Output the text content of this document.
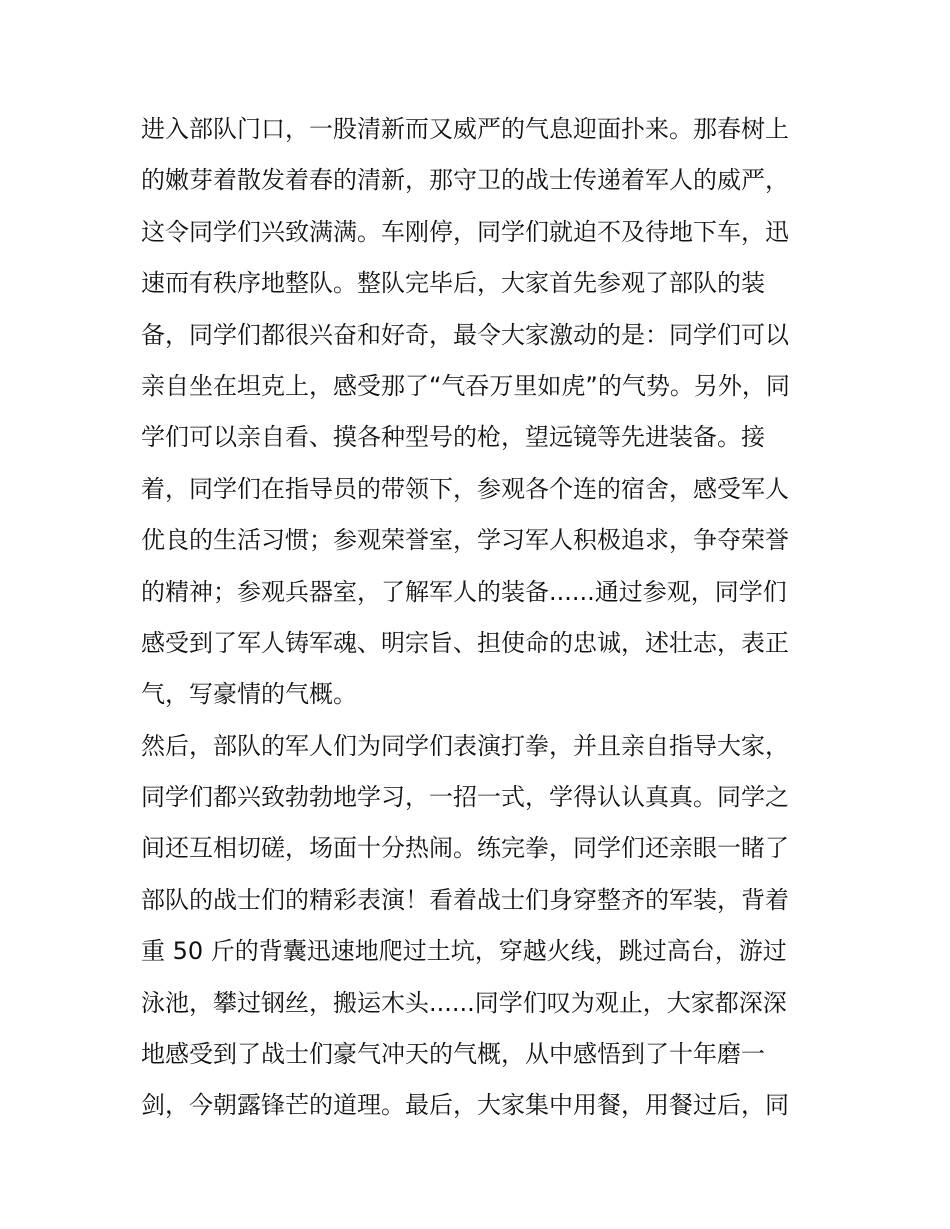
进入部队门口，一股清新而又威严的气息迎面扑来。那春树上
的嫩芽着散发着春的清新，那守卫的战士传递着军人的威严，
这令同学们兴致满满。车刚停，同学们就迫不及待地下车，迅
速而有秩序地整队。整队完毕后，大家首先参观了部队的装
备，同学们都很兴奋和好奇，最令大家激动的是：同学们可以
亲自坐在坦克上，感受那了“气吞万里如虎”的气势。另外，同
学们可以亲自看、摸各种型号的枪，望远镜等先进装备。接
着，同学们在指导员的带领下，参观各个连的宿舍，感受军人
优良的生活习惯；参观荣誉室，学习军人积极追求，争夺荣誉
的精神；参观兵器室，了解军人的装备......通过参观，同学们
感受到了军人铸军魂、明宗旨、担使命的忠诚，述壮志，表正
气，写豪情的气概。
然后，部队的军人们为同学们表演打拳，并且亲自指导大家，
同学们都兴致勃勃地学习，一招一式，学得认认真真。同学之
间还互相切磋，场面十分热闹。练完拳，同学们还亲眼一睹了
部队的战士们的精彩表演！看着战士们身穿整齐的军装，背着
重 50 斤的背囊迅速地爬过土坑，穿越火线，跳过高台，游过
泳池，攀过钢丝，搬运木头......同学们叹为观止，大家都深深
地感受到了战士们豪气冲天的气概，从中感悟到了十年磨一
剑，今朝露锋芒的道理。最后，大家集中用餐，用餐过后，同
